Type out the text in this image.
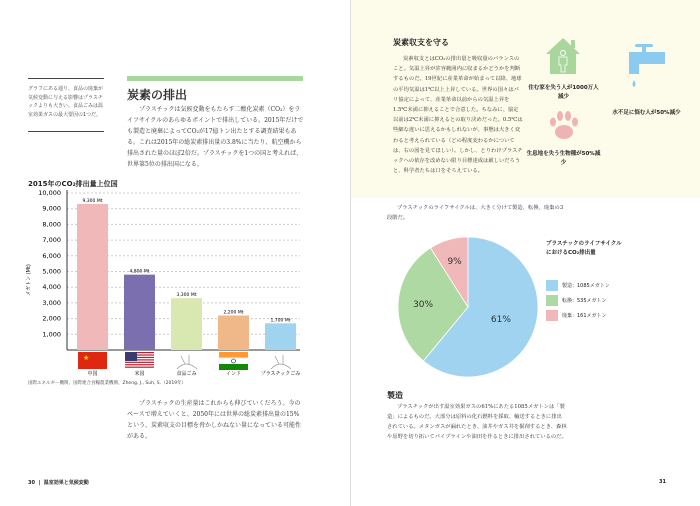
グラフにある通り、食品の廃棄が気候変動に与える影響はプラスチックよりも大きい。食品ごみは温室効果ガスの最大要因の1つだ。
炭素の排出
プラスチックは気候変動をもたらす二酸化炭素（CO₂）をライフサイクルのあらゆるポイントで排出している。2015年だけでも製造と廃棄によってCO₂が17億トン出たとする調査結果もある。これは2015年の総炭素排出量の3.8%に当たり、航空機から排出された量のほぼ2倍だ。プラスチックを1つの国と考えれば、世界第5位の排出国になる。
2015年のCO₂排出量上位国
1,000
2,000
3,000
4,000
5,000
6,000
7,000
8,000
9,000
10,000
メガトン (Mt)
9,300 Mt
★
中国
4,800 Mt
米国
3,300 Mt
食品ごみ
2,200 Mt
インド
1,700 Mt
プラスチックごみ
国際エネルギー機関、国際連合食糧農業機関、Zheng, J., Suh, S.（2019年）
プラスチックの生産量はこれからも伸びていくだろう。今のペースで増えていくと、2050年には世界の総炭素排出量の15%という、炭素収支の目標を脅かしかねない量になっている可能性がある。
30  |  温室効果と気候変動
炭素収支を守る
炭素収支とはCO₂の排出量と吸収量のバランスのこと。気温上昇が許容範囲内に収まるかどうかを判断するものだ。19世紀に産業革命が始まって以降、地球の平均気温は1℃以上上昇している。世界の国々はパリ協定によって、産業革命以前からの気温上昇を1.5℃未満に抑えることで合意した。ちなみに、協定以前は2℃未満に抑えるとの取り決めだった。0.5℃は些細な違いに思えるかもしれないが、事態は大きく変わると考えられている（どの程度変わるかについては、右の図を見てほしい）。しかし、とりわけプラスチックへの依存を改めない限り目標達成は厳しいだろうと、科学者たちは口をそろえている。
住む家を失う人が1000万人減少
水不足に悩む人が50%減少
生息地を失う生物種が50%減少
プラスチックのライフサイクルは、大きく分けて製造、転換、廃棄の3段階だ。
61%
30%
9%
プラスチックのライフサイクルにおけるCO₂排出量
製造：1085メガトン
転換：535メガトン
廃棄：161メガトン
製造
プラスチックが出す温室効果ガスの61%にあたる1085メガトンは「製造」によるものだ。大部分は原料の化石燃料を採取、輸送するときに排出されている。メタンガスが漏れたとき、油井やガス井を掘削するとき、森林や原野を切り拓いてパイプラインや油田を作るときに排出されているのだ。
31
